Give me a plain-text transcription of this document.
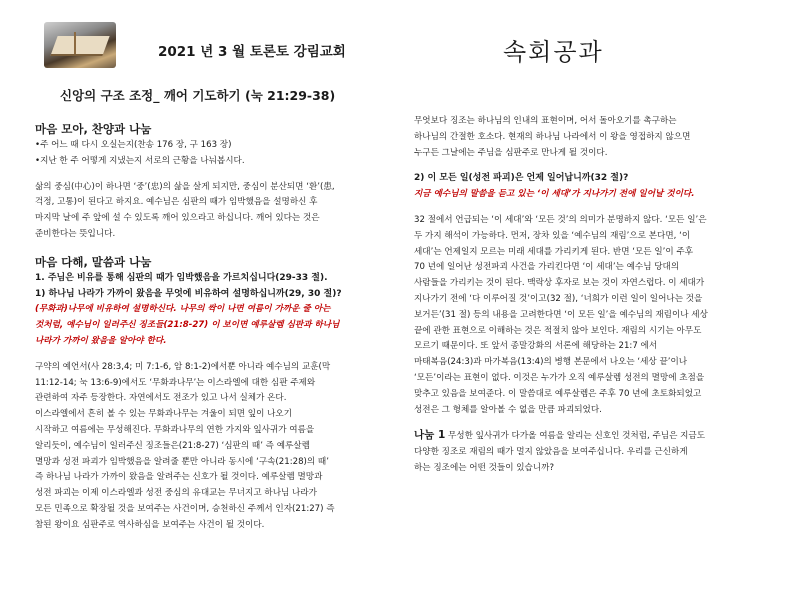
2021 년 3 월 토론토 강림교회	속회공과
신앙의 구조 조정_ 깨어 기도하기 (눅 21:29-38)

마음 모아, 찬양과 나눔

•주 어느 때 다시 오실는지(찬송 176 장, 구 163 장)

•지난 한 주 어떻게 지냈는지 서로의 근황을 나눠봅시다.

삶의 중심(中心)이 하나면 ‘중’(忠)의 삶을 살게 되지만, 중심이 분산되면 ‘환’(患,

걱정, 고통)이 된다고 하지요. 예수님은 심판의 때가 임박했음을 설명하신 후

마지막 날에 주 앞에 설 수 있도록 깨어 있으라고 하십니다. 깨어 있다는 것은

준비한다는 뜻입니다.

마음 다해, 말씀과 나눔

1. 주님은 비유를 통해 심판의 때가 임박했음을 가르치십니다(29-33 절).

1) 하나님 나라가 가까이 왔음을 무엇에 비유하여 설명하십니까(29, 30 절)?

(무화과)나무에 비유하여 설명하신다. 나무의 싹이 나면 여름이 가까운 줄 아는

것처럼, 예수님이 일러주신 징조들(21:8-27) 이 보이면 예루살렘 심판과 하나님

나라가 가까이 왔음을 알아야 한다.

구약의 예언서(사 28:3,4; 미 7:1-6, 암 8:1-2)에서뿐 아니라 예수님의 교훈(막

11:12-14; 눅 13:6-9)에서도 ‘무화과나무’는 이스라엘에 대한 심판 주제와

관련하여 자주 등장한다. 자연에서도 전조가 있고 나서 실체가 온다.

이스라엘에서 흔히 볼 수 있는 무화과나무는 겨울이 되면 잎이 나오기

시작하고 여름에는 무성해진다. 무화과나무의 연한 가지와 잎사귀가 여름을

알리듯이, 예수님이 일러주신 징조들은(21:8-27) ‘심판의 때’ 즉 예루살렘

멸망과 성전 파괴가 임박했음을 알려줄 뿐만 아니라 동시에 ‘구속(21:28)의 때’

즉 하나님 나라가 가까이 왔음을 알려주는 신호가 될 것이다. 예루살렘 멸망과

성전 파괴는 이제 이스라엘과 성전 중심의 유대교는 무너지고 하나님 나라가

모든 민족으로 확장될 것을 보여주는 사건이며, 승천하신 주께서 인자(21:27) 즉

참된 왕이요 심판주로 역사하심을 보여주는 사건이 될 것이다.

무엇보다 징조는 하나님의 인내의 표현이며, 어서 돌아오기를 촉구하는

하나님의 간절한 호소다. 현재의 하나님 나라에서 이 왕을 영접하지 않으면

누구든 그날에는 주님을 심판주로 만나게 될 것이다.

2) 이 모든 일(성전 파괴)은 언제 일어납니까(32 절)?

지금 예수님의 말씀을 듣고 있는 ‘이 세대’가 지나가기 전에 일어날 것이다.

32 절에서 언급되는 ‘이 세대’와 ‘모든 것’의 의미가 분명하지 않다. ‘모든 일’은

두 가지 해석이 가능하다. 먼저, 장차 있을 ‘예수님의 재림’으로 본다면, ‘이

세대’는 언제일지 모르는 미래 세대를 가리키게 된다. 반면 ‘모든 일’이 주후

70 년에 일어난 성전파괴 사건을 가리킨다면 ‘이 세대’는 예수님 당대의

사람들을 가리키는 것이 된다. 맥락상 후자로 보는 것이 자연스럽다. 이 세대가

지나가기 전에 ‘다 이루어질 것’이고(32 절), ‘너희가 이런 일이 일어나는 것을

보거든’(31 절) 등의 내용을 고려한다면 ‘이 모든 일’을 예수님의 재림이나 세상

끝에 관한 표현으로 이해하는 것은 적절치 않아 보인다. 재림의 시기는 아무도

모르기 때문이다. 또 앞서 종말강화의 서론에 해당하는 21:7 에서

마태복음(24:3)과 마가복음(13:4)의 병행 본문에서 나오는 ‘세상 끝’이나

‘모든’이라는 표현이 없다. 이것은 누가가 오직 예루살렘 성전의 멸망에 초점을

맞추고 있음을 보여준다. 이 말씀대로 예루살렘은 주후 70 년에 초토화되었고

성전은 그 형체를 알아볼 수 없을 만큼 파괴되었다.

나눔 1 무성한 잎사귀가 다가올 여름을 알리는 신호인 것처럼, 주님은 지금도

다양한 징조로 재림의 때가 멀지 않았음을 보여주십니다. 우리를 근신하게

하는 징조에는 어떤 것들이 있습니까?
